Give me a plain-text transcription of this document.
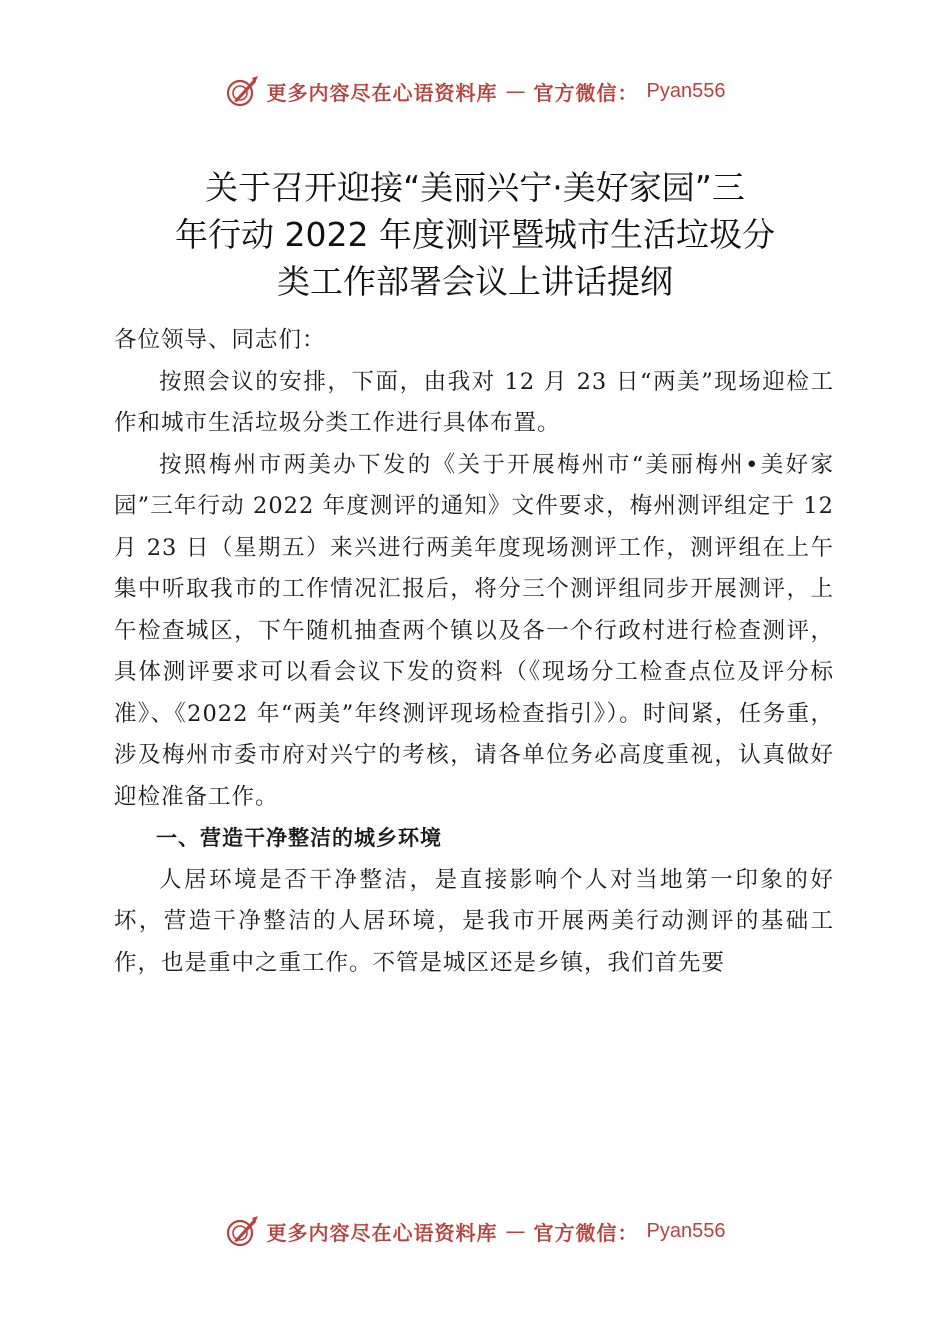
更多内容尽在心语资料库 — 官方微信： Pyan556
关于召开迎接“美丽兴宁·美好家园”三
年行动 2022 年度测评暨城市生活垃圾分
类工作部署会议上讲话提纲

各位领导、同志们：

按照会议的安排，下面，由我对 12 月 23 日“两美”现场迎检工作和城市生活垃圾分类工作进行具体布置。

按照梅州市两美办下发的《关于开展梅州市“美丽梅州•美好家园”三年行动 2022 年度测评的通知》文件要求，梅州测评组定于 12 月 23 日（星期五）来兴进行两美年度现场测评工作，测评组在上午集中听取我市的工作情况汇报后，将分三个测评组同步开展测评，上午检查城区，下午随机抽查两个镇以及各一个行政村进行检查测评，具体测评要求可以看会议下发的资料（《现场分工检查点位及评分标准》、《2022 年“两美”年终测评现场检查指引》）。时间紧，任务重，涉及梅州市委市府对兴宁的考核，请各单位务必高度重视，认真做好迎检准备工作。

一、营造干净整洁的城乡环境

人居环境是否干净整洁，是直接影响个人对当地第一印象的好坏，营造干净整洁的人居环境，是我市开展两美行动测评的基础工作，也是重中之重工作。不管是城区还是乡镇，我们首先要

更多内容尽在心语资料库 — 官方微信： Pyan556
